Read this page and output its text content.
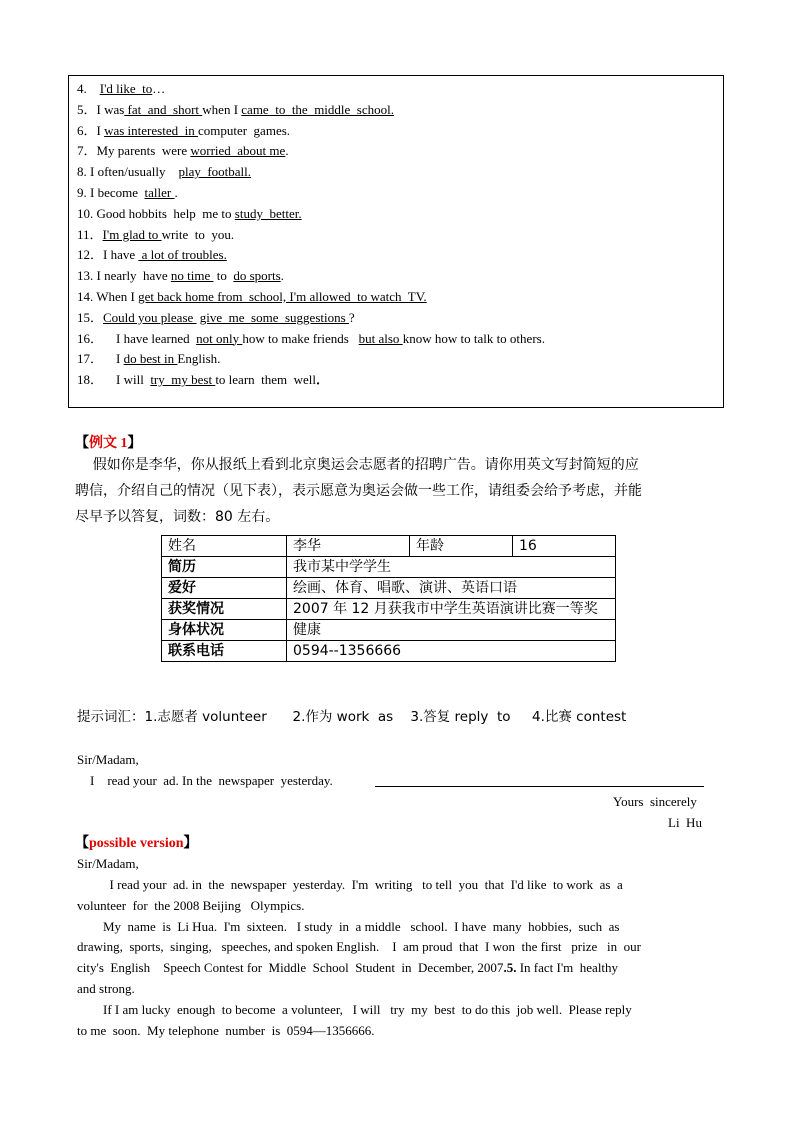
4.    I'd like  to…
5．I was fat  and  short when I came  to  the  middle  school.
6．I was interested  in computer  games.
7．My parents  were worried  about me.
8. I often/usually    play  football.
9. I become  taller .
10. Good hobbits  help  me to study  better.
11．I'm glad to write  to  you.
12．I have  a lot of troubles.
13. I nearly  have no time  to  do sports.
14. When I get back home from  school, I'm allowed  to watch  TV.
15．Could you please  give  me  some  suggestions ?
16．    I have learned  not only how to make friends   but also know how to talk to others.
17．    I do best in English.
18．    I will  try  my best to learn  them  well．
【例文 1】
假如你是李华，你从报纸上看到北京奥运会志愿者的招聘广告。请你用英文写封简短的应
聘信，介绍自己的情况（见下表），表示愿意为奥运会做一些工作，请组委会给予考虑，并能
尽早予以答复，词数：80 左右。
姓名	李华	年龄	16
简历	我市某中学学生		
爱好	绘画、体育、唱歌、演讲、英语口语		
获奖情况	2007 年 12 月获我市中学生英语演讲比赛一等奖		
身体状况	健康		
联系电话	0594--1356666		
提示词汇：1.志愿者 volunteer      2.作为 work  as    3.答复 reply  to     4.比赛 contest
Sir/Madam,
I    read your  ad. In the  newspaper  yesterday.
Yours  sincerely
Li  Hu
【possible version】
Sir/Madam,
I read your  ad. in  the  newspaper  yesterday.  I'm  writing   to tell  you  that  I'd like  to work  as  a
volunteer  for  the 2008 Beijing   Olympics.
My  name  is  Li Hua.  I'm  sixteen.   I study  in  a middle   school.  I have  many  hobbies,  such  as
drawing,  sports,  singing,   speeches, and spoken English.    I  am proud  that  I won  the first   prize   in  our
city's  English    Speech Contest for  Middle  School  Student  in  December, 2007.5. In fact I'm  healthy
and strong.
If I am lucky  enough  to become  a volunteer,   I will   try  my  best  to do this  job well.  Please reply
to me  soon.  My telephone  number  is  0594—1356666.
